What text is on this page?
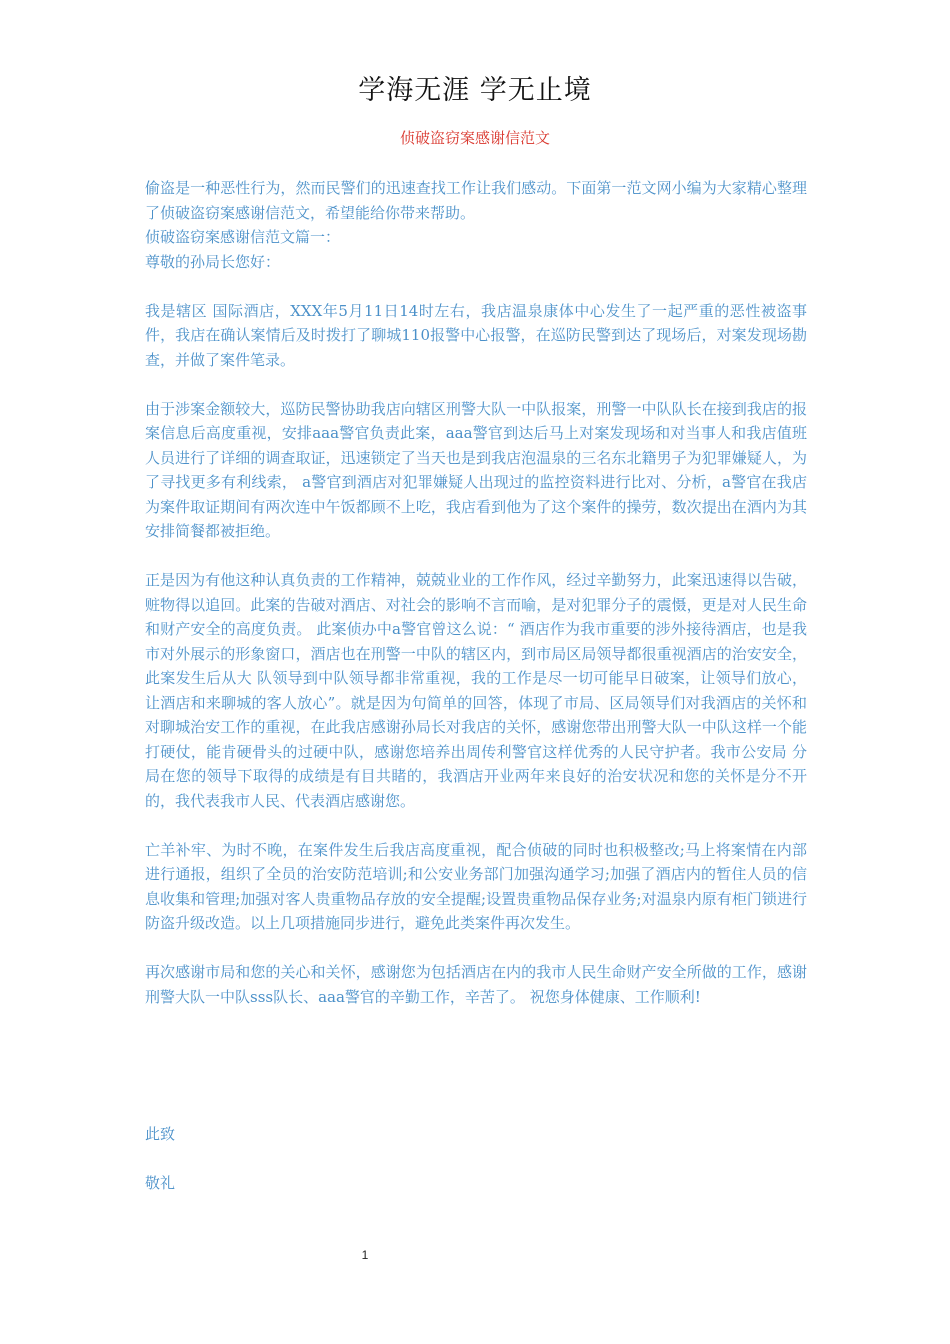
学海无涯 学无止境
侦破盗窃案感谢信范文

偷盗是一种恶性行为，然而民警们的迅速查找工作让我们感动。下面第一范文网小编为大家精心整理了侦破盗窃案感谢信范文，希望能给你带来帮助。

侦破盗窃案感谢信范文篇一：

尊敬的孙局长您好：

我是辖区 国际酒店，XXX年5月11日14时左右，我店温泉康体中心发生了一起严重的恶性被盗事件，我店在确认案情后及时拨打了聊城110报警中心报警，在巡防民警到达了现场后，对案发现场勘查，并做了案件笔录。

由于涉案金额较大，巡防民警协助我店向辖区刑警大队一中队报案，刑警一中队队长在接到我店的报案信息后高度重视，安排aaa警官负责此案，aaa警官到达后马上对案发现场和对当事人和我店值班人员进行了详细的调查取证，迅速锁定了当天也是到我店泡温泉的三名东北籍男子为犯罪嫌疑人，为了寻找更多有利线索， a警官到酒店对犯罪嫌疑人出现过的监控资料进行比对、分析，a警官在我店为案件取证期间有两次连中午饭都顾不上吃，我店看到他为了这个案件的操劳，数次提出在酒内为其安排简餐都被拒绝。

正是因为有他这种认真负责的工作精神，兢兢业业的工作作风，经过辛勤努力，此案迅速得以告破，赃物得以追回。此案的告破对酒店、对社会的影响不言而喻，是对犯罪分子的震慑，更是对人民生命和财产安全的高度负责。 此案侦办中a警官曾这么说：“ 酒店作为我市重要的涉外接待酒店，也是我市对外展示的形象窗口，酒店也在刑警一中队的辖区内，到市局区局领导都很重视酒店的治安安全，此案发生后从大 队领导到中队领导都非常重视，我的工作是尽一切可能早日破案，让领导们放心，让酒店和来聊城的客人放心”。就是因为句简单的回答，体现了市局、区局领导们对我酒店的关怀和对聊城治安工作的重视，在此我店感谢孙局长对我店的关怀，感谢您带出刑警大队一中队这样一个能打硬仗，能肯硬骨头的过硬中队，感谢您培养出周传利警官这样优秀的人民守护者。我市公安局 分局在您的领导下取得的成绩是有目共睹的，我酒店开业两年来良好的治安状况和您的关怀是分不开的，我代表我市人民、代表酒店感谢您。

亡羊补牢、为时不晚，在案件发生后我店高度重视，配合侦破的同时也积极整改;马上将案情在内部进行通报，组织了全员的治安防范培训;和公安业务部门加强沟通学习;加强了酒店内的暂住人员的信息收集和管理;加强对客人贵重物品存放的安全提醒;设置贵重物品保存业务;对温泉内原有柜门锁进行防盗升级改造。以上几项措施同步进行，避免此类案件再次发生。

再次感谢市局和您的关心和关怀，感谢您为包括酒店在内的我市人民生命财产安全所做的工作，感谢刑警大队一中队sss队长、aaa警官的辛勤工作，辛苦了。 祝您身体健康、工作顺利!

此致
敬礼
1
